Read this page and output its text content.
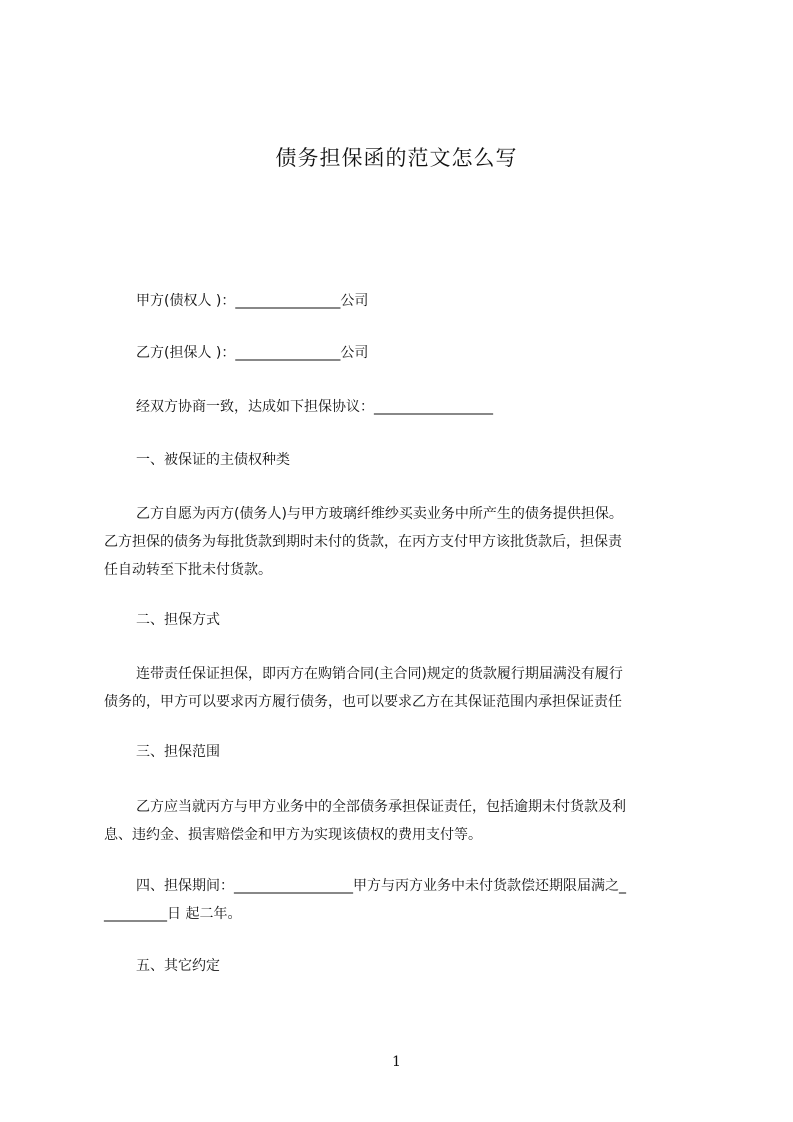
债务担保函的范文怎么写
甲方(债权人 )：_______________公司
乙方(担保人 )：_______________公司
经双方协商一致，达成如下担保协议：_________________
一、被保证的主债权种类
乙方自愿为丙方(债务人)与甲方玻璃纤维纱买卖业务中所产生的债务提供担保。
乙方担保的债务为每批货款到期时未付的货款，在丙方支付甲方该批货款后，担保责
任自动转至下批未付货款。
二、担保方式
连带责任保证担保，即丙方在购销合同(主合同)规定的货款履行期届满没有履行
债务的，甲方可以要求丙方履行债务，也可以要求乙方在其保证范围内承担保证责任
三、担保范围
乙方应当就丙方与甲方业务中的全部债务承担保证责任，包括逾期未付货款及利
息、违约金、损害赔偿金和甲方为实现该债权的费用支付等。
四、担保期间：_________________甲方与丙方业务中未付货款偿还期限届满之_
_________日 起二年。
五、其它约定
1
